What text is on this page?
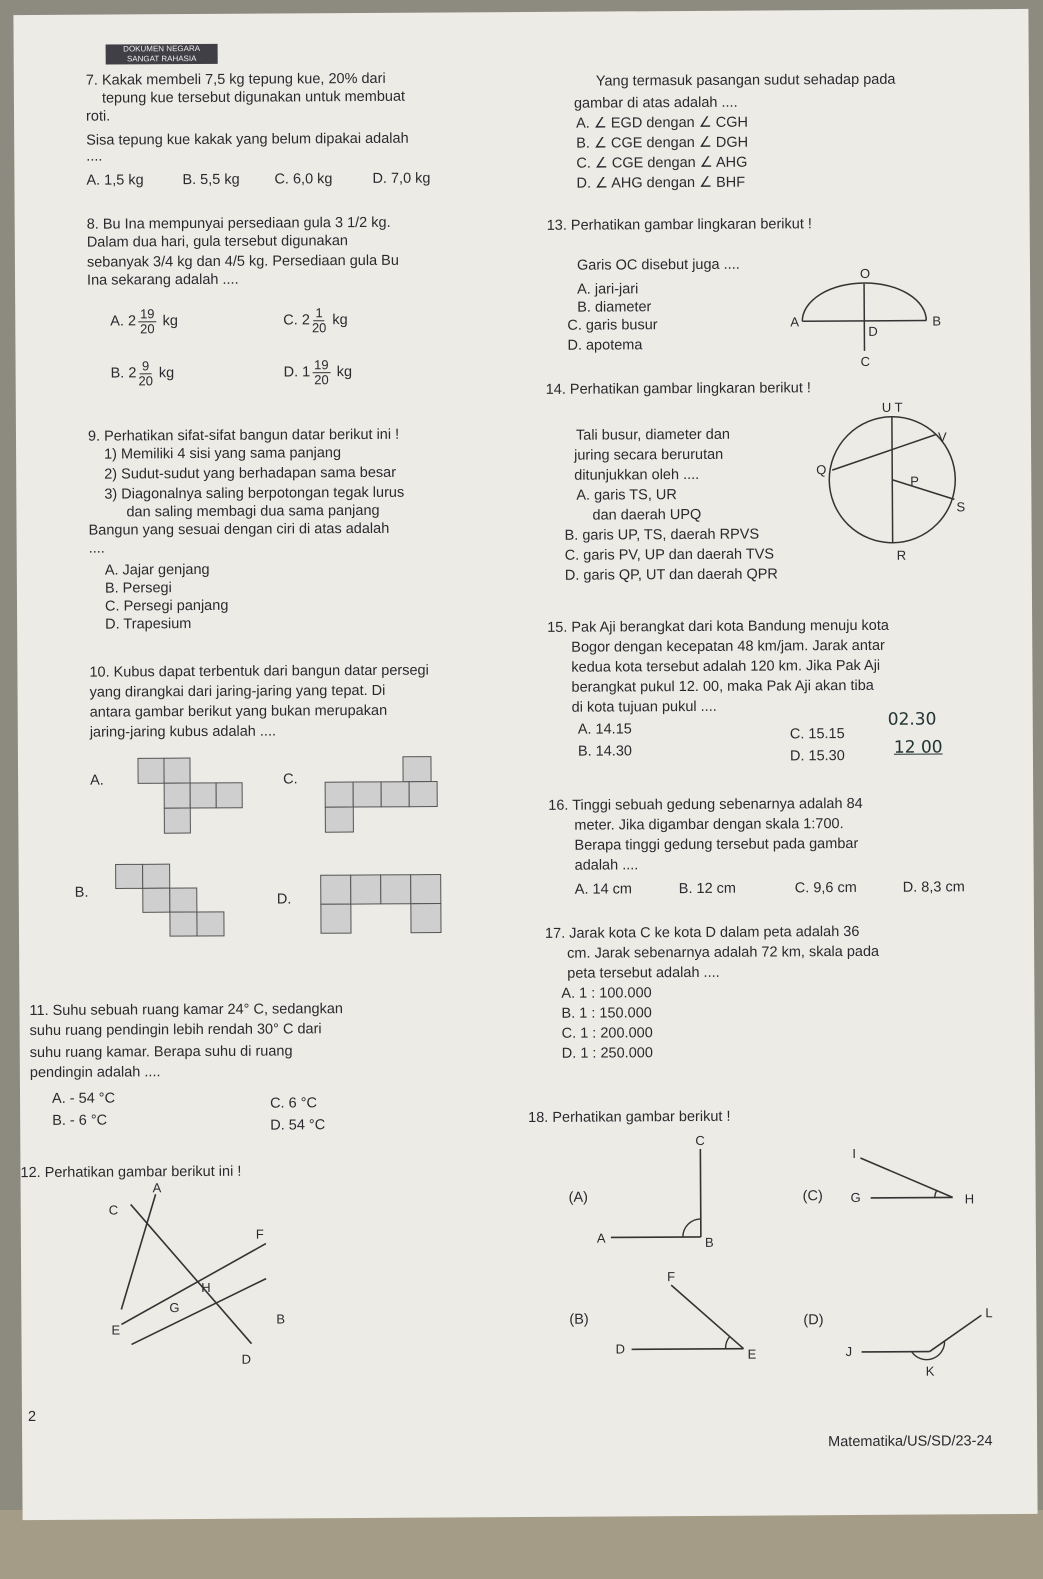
DOKUMEN NEGARA
SANGAT RAHASIA
7. Kakak membeli 7,5 kg tepung kue, 20% dari
tepung kue tersebut digunakan untuk membuat
roti.
Sisa tepung kue kakak yang belum dipakai adalah
....
A. 1,5 kg	B. 5,5 kg C. 6,0 kg	D. 7,0 kg
8. Bu Ina mempunyai persediaan gula 3 1/2 kg.
Dalam dua hari, gula tersebut digunakan
sebanyak 3/4 kg dan 4/5 kg. Persediaan gula Bu
Ina sekarang adalah ....
A. $2 \frac{19}{20}$ kg	C. $2 \frac{1}{20}$ kg
B. $2 \frac{9}{20}$ kg	D. $1 \frac{19}{20}$ kg
9. Perhatikan sifat-sifat bangun datar berikut ini !
1) Memiliki 4 sisi yang sama panjang
2) Sudut-sudut yang berhadapan sama besar
3) Diagonalnya saling berpotongan tegak lurus
dan saling membagi dua sama panjang
Bangun yang sesuai dengan ciri di atas adalah
....
A. Jajar genjang
B. Persegi
C. Persegi panjang
D. Trapesium
10. Kubus dapat terbentuk dari bangun datar persegi
yang dirangkai dari jaring-jaring yang tepat. Di
antara gambar berikut yang bukan merupakan
jaring-jaring kubus adalah ....
A.	C.
B.	D.
11. Suhu sebuah ruang kamar 24° C, sedangkan
suhu ruang pendingin lebih rendah 30° C dari
suhu ruang kamar. Berapa suhu di ruang
pendingin adalah ....
A. - 54 °C	C. 6 °C
B. - 6 °C	D. 54 °C
12. Perhatikan gambar berikut ini !
A
C
F
H
G
E
B
D
Yang termasuk pasangan sudut sehadap pada
gambar di atas adalah ....
A. ∠ EGD dengan ∠ CGH
B. ∠ CGE dengan ∠ DGH
C. ∠ CGE dengan ∠ AHG
D. ∠ AHG dengan ∠ BHF
13. Perhatikan gambar lingkaran berikut !
Garis OC disebut juga ....
A. jari-jari
B. diameter
C. garis busur
D. apotema
O
A
D
B
C
14. Perhatikan gambar lingkaran berikut !
Tali busur, diameter dan
juring secara berurutan
ditunjukkan oleh ....
A. garis TS, UR
dan daerah UPQ
B. garis UP, TS, daerah RPVS
C. garis PV, UP dan daerah TVS
D. garis QP, UT dan daerah QPR
U T
V
Q
P
S
R
15. Pak Aji berangkat dari kota Bandung menuju kota
Bogor dengan kecepatan 48 km/jam. Jarak antar
kedua kota tersebut adalah 120 km. Jika Pak Aji
berangkat pukul 12. 00, maka Pak Aji akan tiba
di kota tujuan pukul ....
A. 14.15	C. 15.15
B. 14.30	D. 15.30
02.30
12 00
16. Tinggi sebuah gedung sebenarnya adalah 84
meter. Jika digambar dengan skala 1:700.
Berapa tinggi gedung tersebut pada gambar
adalah ....
A. 14 cm	B. 12 cm	C. 9,6 cm	D. 8,3 cm
17. Jarak kota C ke kota D dalam peta adalah 36
cm. Jarak sebenarnya adalah 72 km, skala pada
peta tersebut adalah ....
A. 1 : 100.000
B. 1 : 150.000
C. 1 : 200.000
D. 1 : 250.000
18. Perhatikan gambar berikut !
(A)	(C)
(B)	(D)
C
A	B
I
G	H
F
D	E
L
J
K
2
Matematika/US/SD/23-24
